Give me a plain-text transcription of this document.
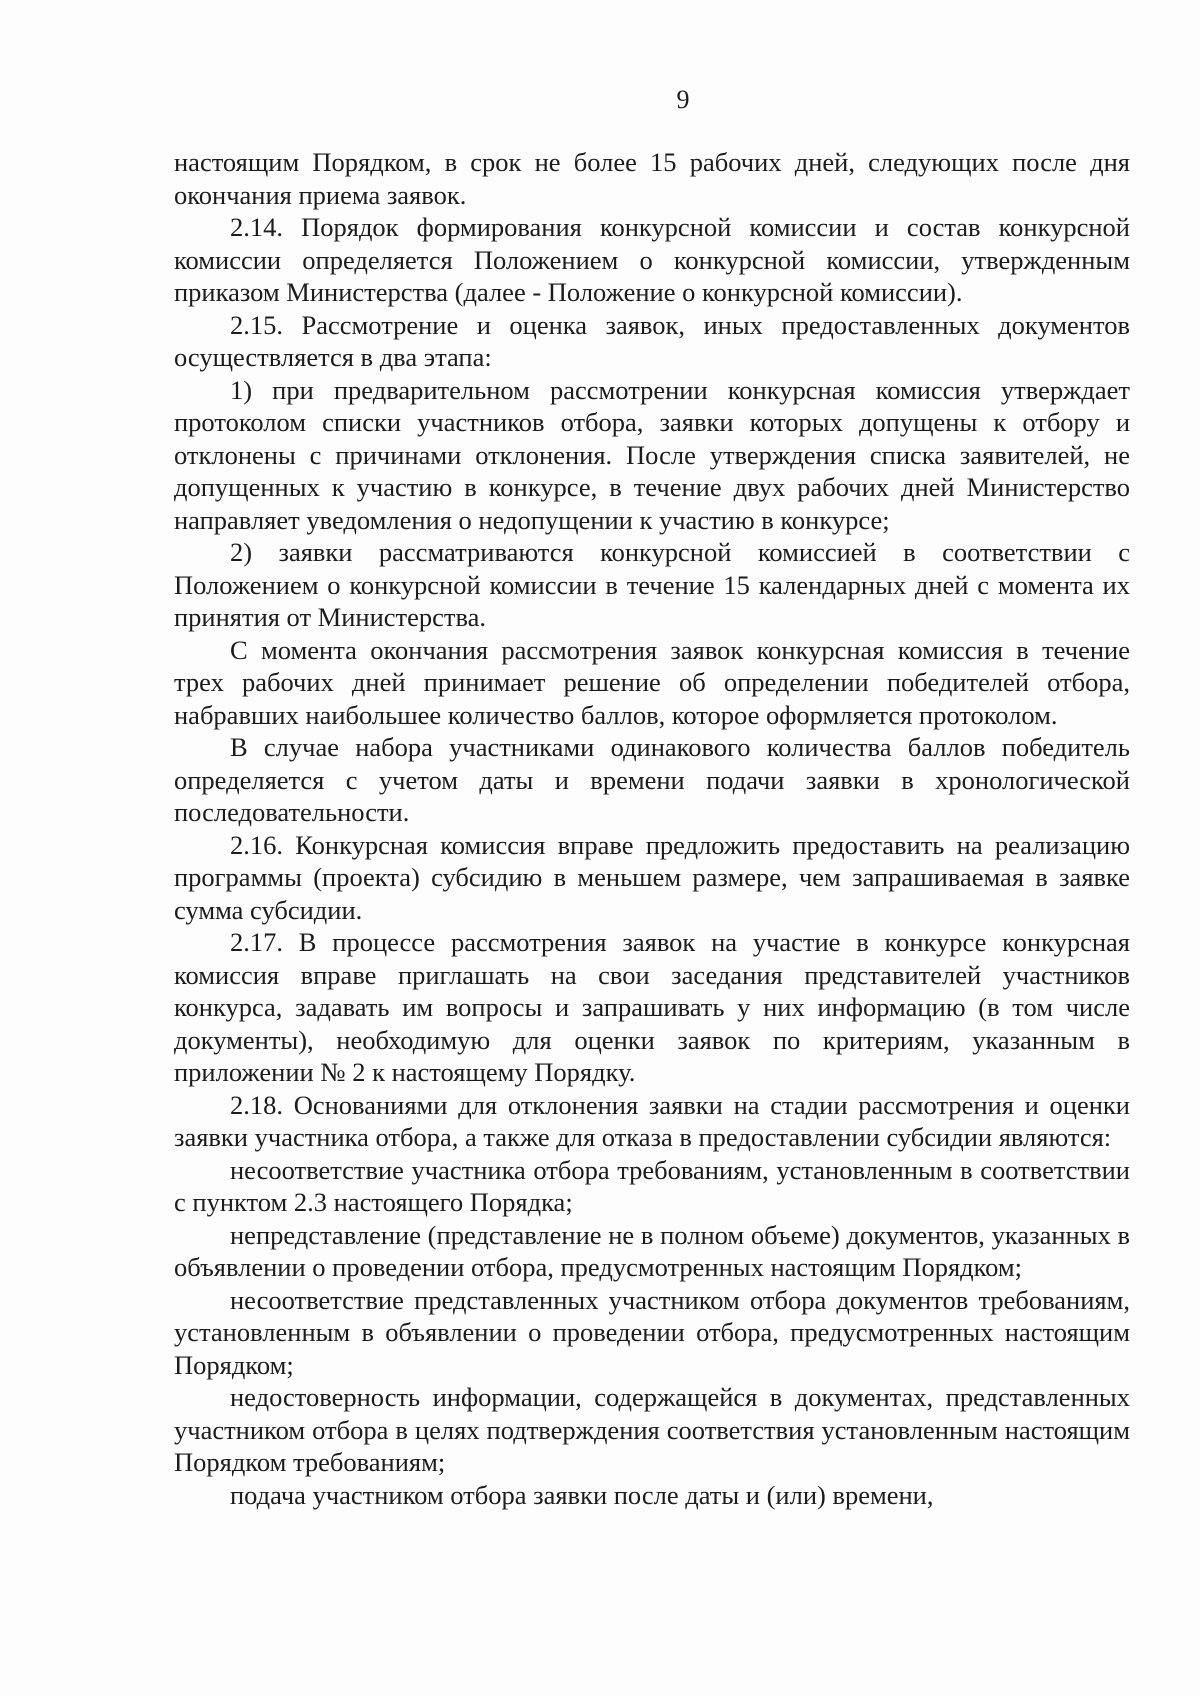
9

настоящим Порядком, в срок не более 15 рабочих дней, следующих после дня окончания приема заявок.

2.14. Порядок формирования конкурсной комиссии и состав конкурсной комиссии определяется Положением о конкурсной комиссии, утвержденным приказом Министерства (далее - Положение о конкурсной комиссии).

2.15. Рассмотрение и оценка заявок, иных предоставленных документов осуществляется в два этапа:

1) при предварительном рассмотрении конкурсная комиссия утверждает протоколом списки участников отбора, заявки которых допущены к отбору и отклонены с причинами отклонения. После утверждения списка заявителей, не допущенных к участию в конкурсе, в течение двух рабочих дней Министерство направляет уведомления о недопущении к участию в конкурсе;

2) заявки рассматриваются конкурсной комиссией в соответствии с Положением о конкурсной комиссии в течение 15 календарных дней с момента их принятия от Министерства.

С момента окончания рассмотрения заявок конкурсная комиссия в течение трех рабочих дней принимает решение об определении победителей отбора, набравших наибольшее количество баллов, которое оформляется протоколом.

В случае набора участниками одинакового количества баллов победитель определяется с учетом даты и времени подачи заявки в хронологической последовательности.

2.16. Конкурсная комиссия вправе предложить предоставить на реализацию программы (проекта) субсидию в меньшем размере, чем запрашиваемая в заявке сумма субсидии.

2.17. В процессе рассмотрения заявок на участие в конкурсе конкурсная комиссия вправе приглашать на свои заседания представителей участников конкурса, задавать им вопросы и запрашивать у них информацию (в том числе документы), необходимую для оценки заявок по критериям, указанным в приложении № 2 к настоящему Порядку.

2.18. Основаниями для отклонения заявки на стадии рассмотрения и оценки заявки участника отбора, а также для отказа в предоставлении субсидии являются:

несоответствие участника отбора требованиям, установленным в соответствии с пунктом 2.3 настоящего Порядка;

непредставление (представление не в полном объеме) документов, указанных в объявлении о проведении отбора, предусмотренных настоящим Порядком;

несоответствие представленных участником отбора документов требованиям, установленным в объявлении о проведении отбора, предусмотренных настоящим Порядком;

недостоверность информации, содержащейся в документах, представленных участником отбора в целях подтверждения соответствия установленным настоящим Порядком требованиям;

подача участником отбора заявки после даты и (или) времени,
